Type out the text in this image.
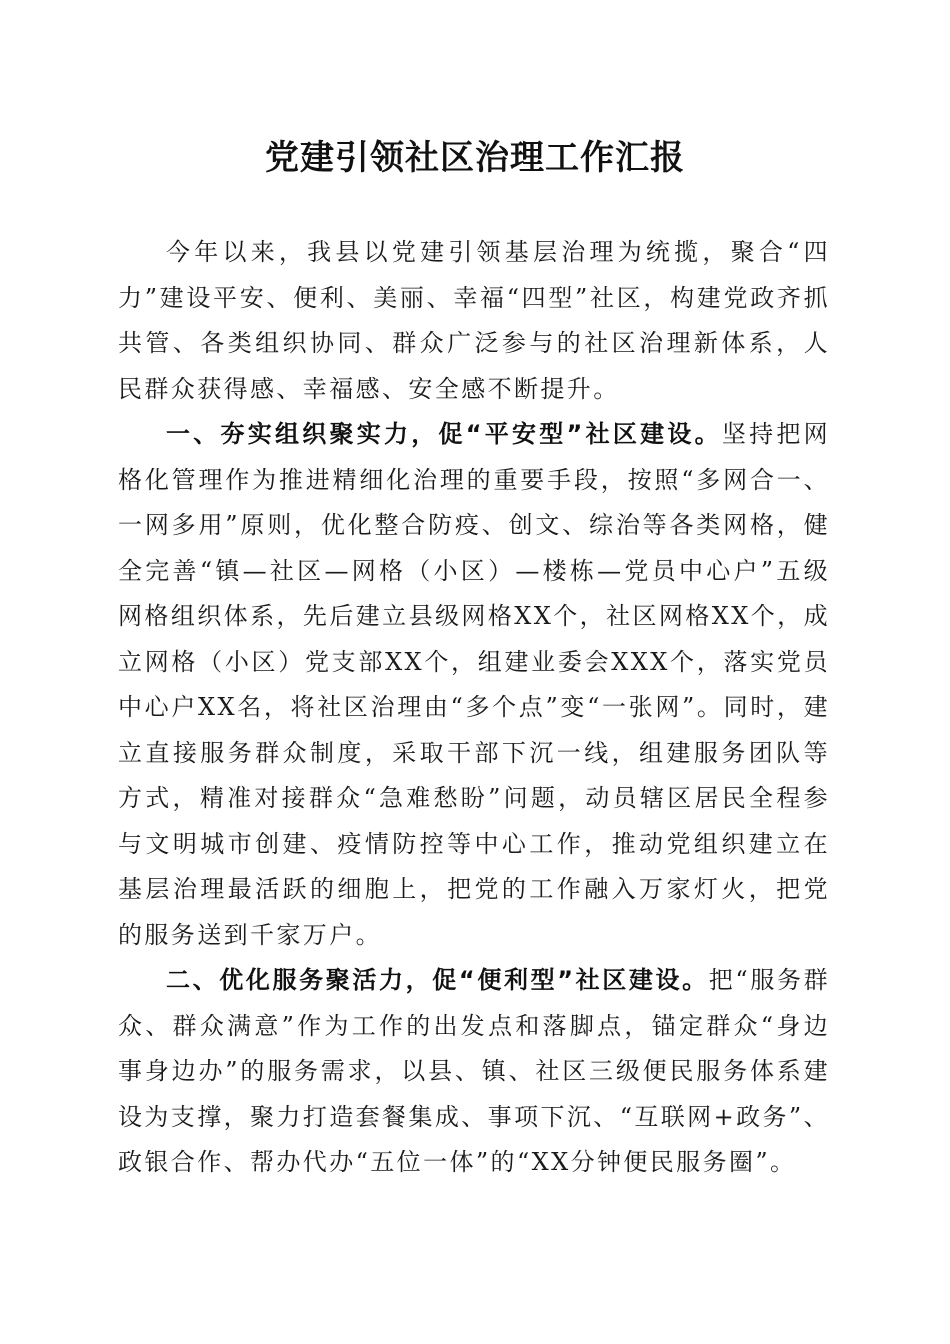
党建引领社区治理工作汇报

今年以来，我县以党建引领基层治理为统揽，聚合“四力”建设平安、便利、美丽、幸福“四型”社区，构建党政齐抓共管、各类组织协同、群众广泛参与的社区治理新体系，人民群众获得感、幸福感、安全感不断提升。

一、夯实组织聚实力，促“平安型”社区建设。坚持把网格化管理作为推进精细化治理的重要手段，按照“多网合一、一网多用”原则，优化整合防疫、创文、综治等各类网格，健全完善“镇—社区—网格（小区）—楼栋—党员中心户”五级网格组织体系，先后建立县级网格XX个，社区网格XX个，成立网格（小区）党支部XX个，组建业委会XXX个，落实党员中心户XX名，将社区治理由“多个点”变“一张网”。同时，建立直接服务群众制度，采取干部下沉一线，组建服务团队等方式，精准对接群众“急难愁盼”问题，动员辖区居民全程参与文明城市创建、疫情防控等中心工作，推动党组织建立在基层治理最活跃的细胞上，把党的工作融入万家灯火，把党的服务送到千家万户。

二、优化服务聚活力，促“便利型”社区建设。把“服务群众、群众满意”作为工作的出发点和落脚点，锚定群众“身边事身边办”的服务需求，以县、镇、社区三级便民服务体系建设为支撑，聚力打造套餐集成、事项下沉、“互联网+政务”、政银合作、帮办代办“五位一体”的“XX分钟便民服务圈”。
